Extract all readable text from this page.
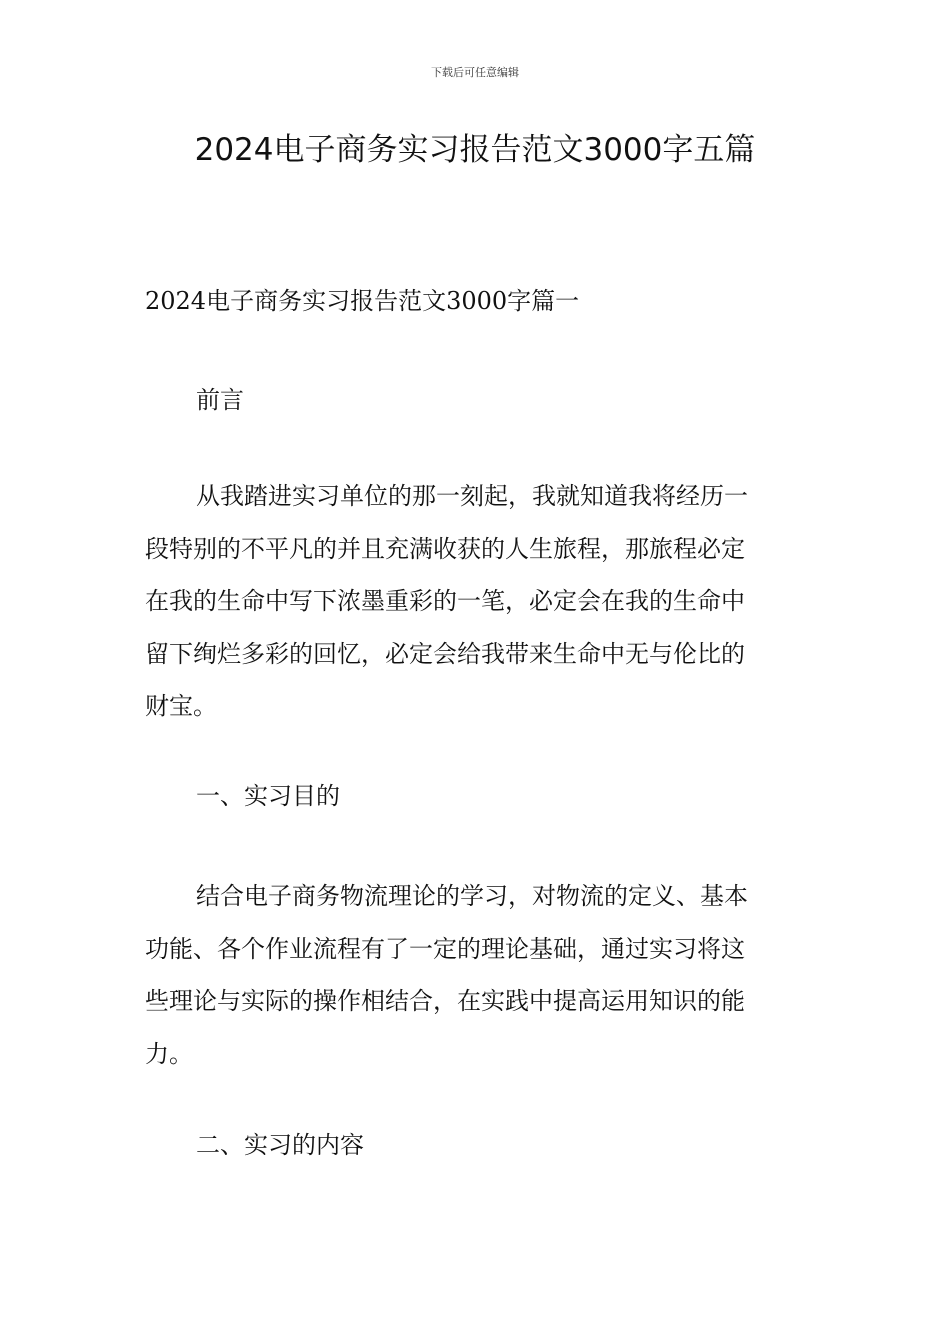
下载后可任意编辑
2024电子商务实习报告范文3000字五篇

2024电子商务实习报告范文3000字篇一

前言

从我踏进实习单位的那一刻起，我就知道我将经历一
段特别的不平凡的并且充满收获的人生旅程，那旅程必定
在我的生命中写下浓墨重彩的一笔，必定会在我的生命中
留下绚烂多彩的回忆，必定会给我带来生命中无与伦比的
财宝。

一、实习目的

结合电子商务物流理论的学习，对物流的定义、基本
功能、各个作业流程有了一定的理论基础，通过实习将这
些理论与实际的操作相结合，在实践中提高运用知识的能
力。

二、实习的内容
